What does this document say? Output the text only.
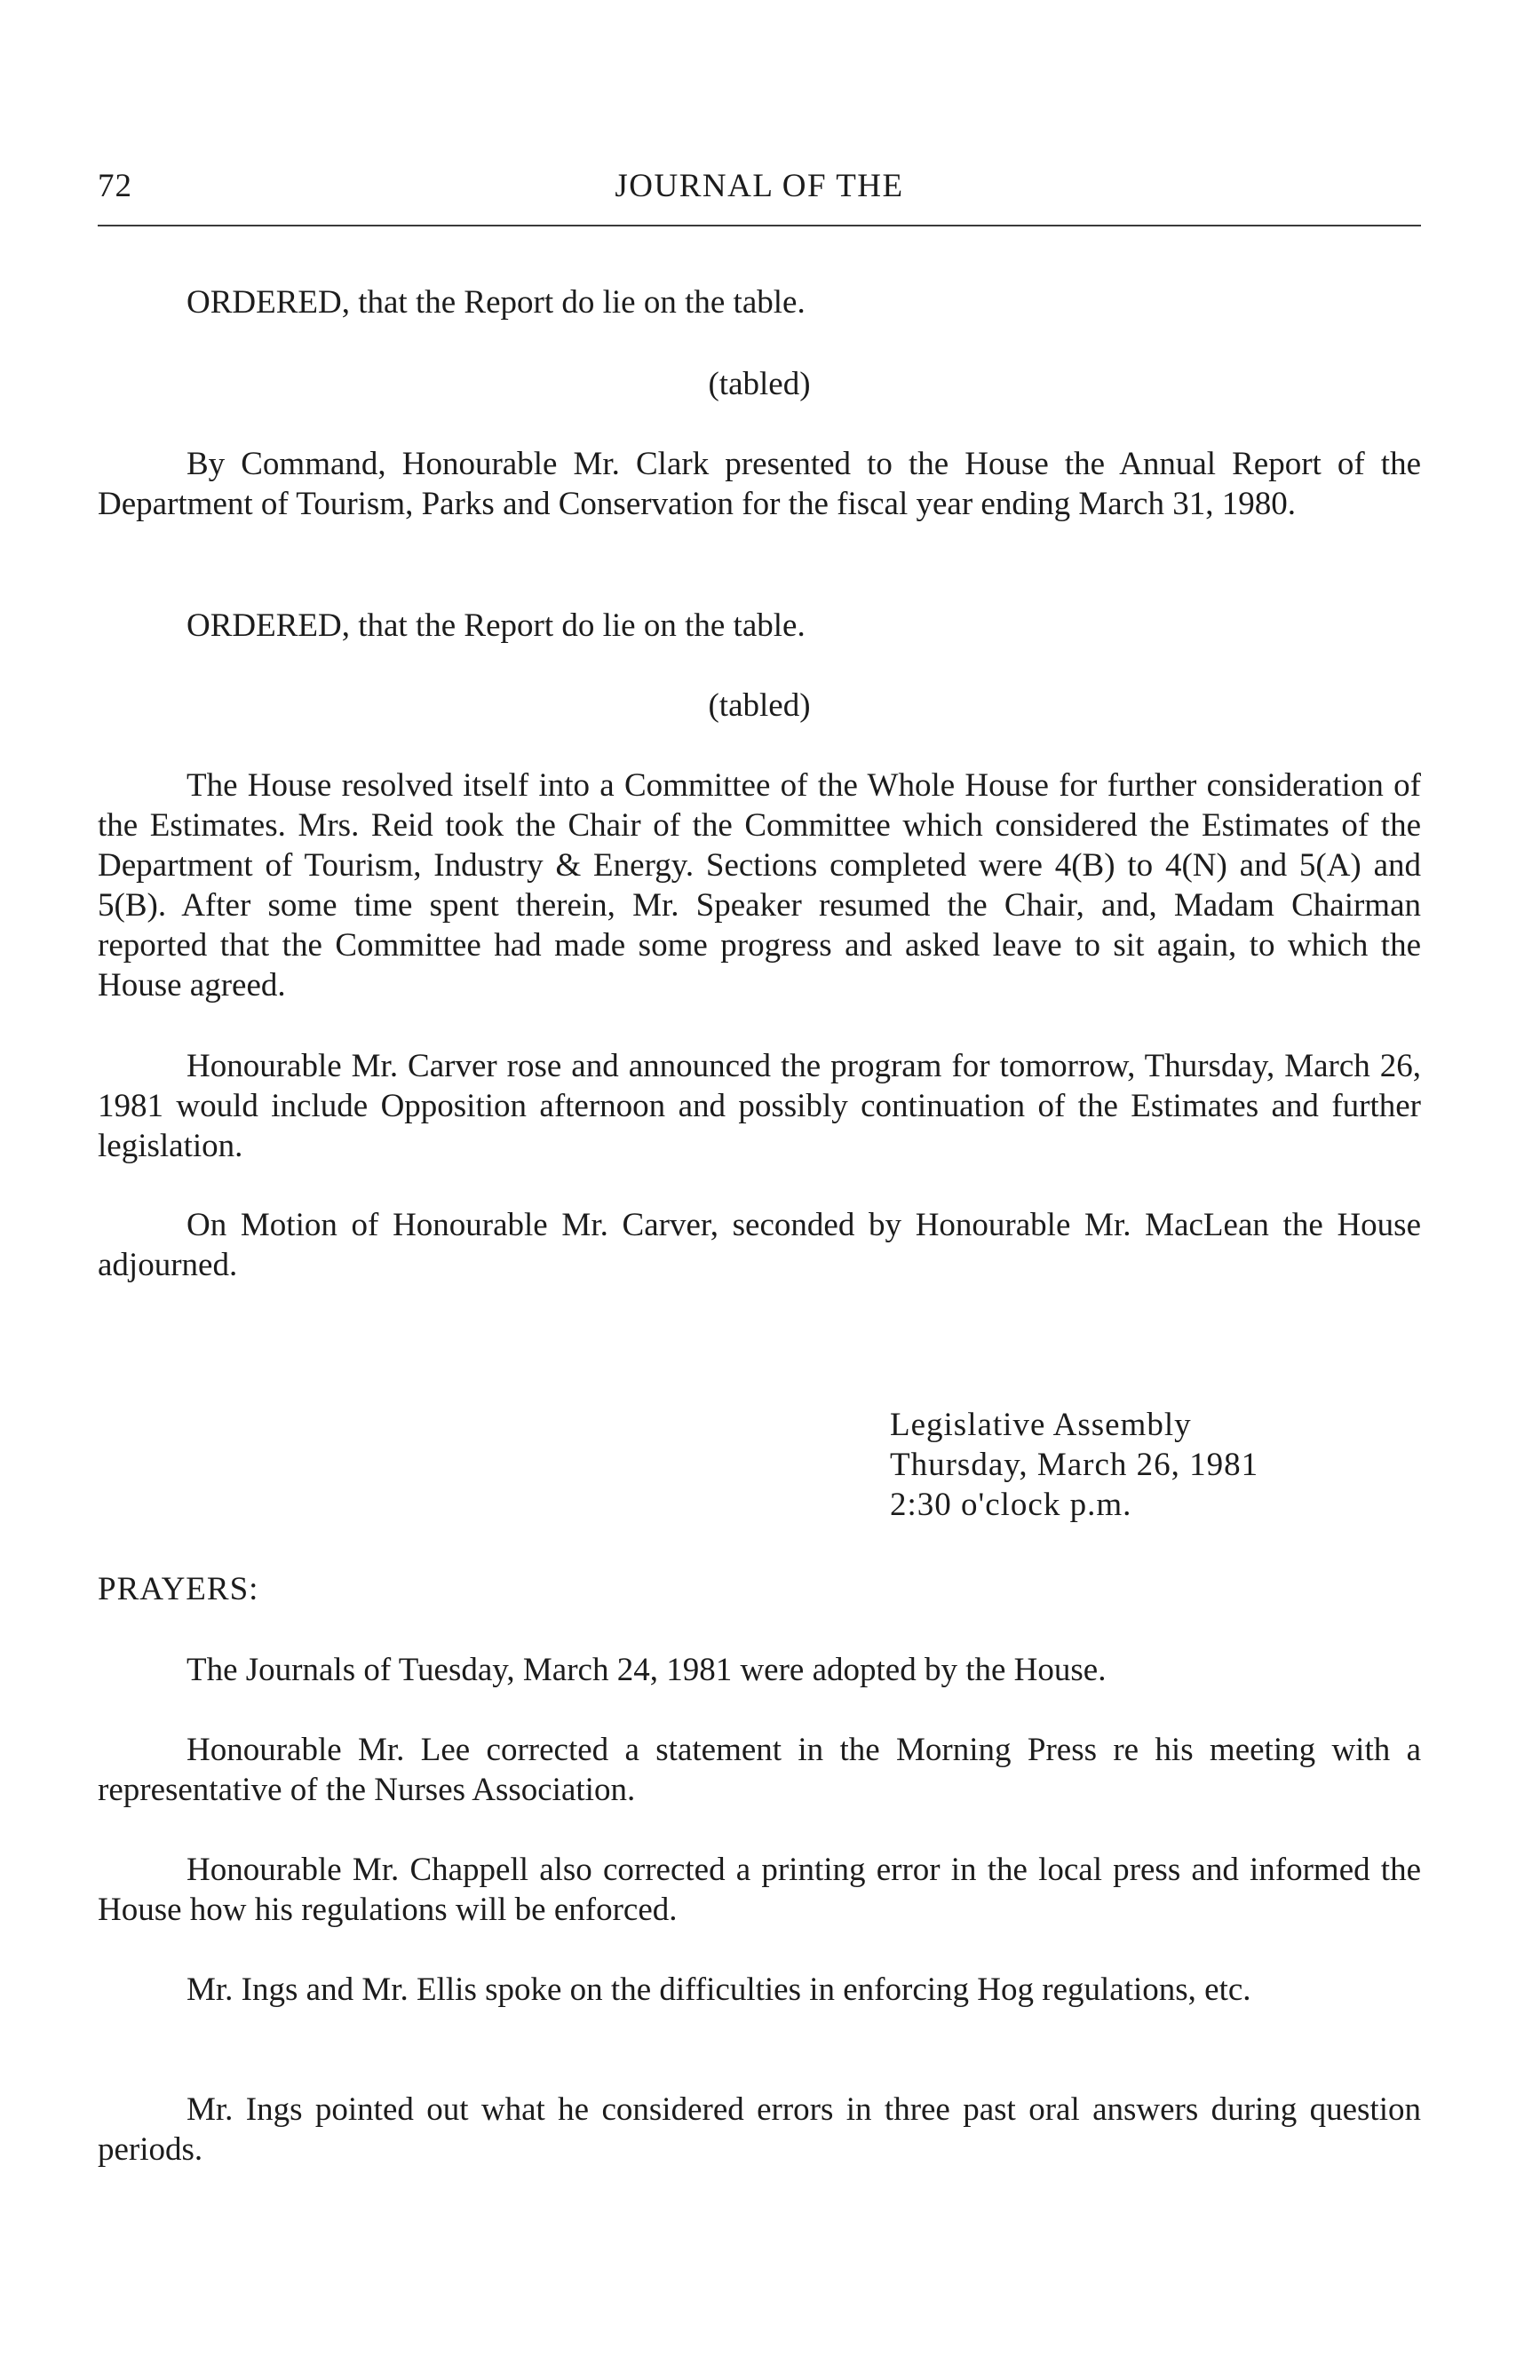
72	JOURNAL OF THE

ORDERED, that the Report do lie on the table.

(tabled)

By Command, Honourable Mr. Clark presented to the House the Annual Report of the Department of Tourism, Parks and Conservation for the fiscal year ending March 31, 1980.

ORDERED, that the Report do lie on the table.

(tabled)

The House resolved itself into a Committee of the Whole House for further consideration of the Estimates. Mrs. Reid took the Chair of the Committee which considered the Estimates of the Department of Tourism, Industry & Energy. Sections completed were 4(B) to 4(N) and 5(A) and 5(B). After some time spent therein, Mr. Speaker resumed the Chair, and, Madam Chairman reported that the Committee had made some progress and asked leave to sit again, to which the House agreed.

Honourable Mr. Carver rose and announced the program for tomorrow, Thursday, March 26, 1981 would include Opposition afternoon and possibly continuation of the Estimates and further legislation.

On Motion of Honourable Mr. Carver, seconded by Honourable Mr. MacLean the House adjourned.

Legislative Assembly
Thursday, March 26, 1981
2:30 o'clock p.m.
PRAYERS:

The Journals of Tuesday, March 24, 1981 were adopted by the House.

Honourable Mr. Lee corrected a statement in the Morning Press re his meeting with a representative of the Nurses Association.

Honourable Mr. Chappell also corrected a printing error in the local press and informed the House how his regulations will be enforced.

Mr. Ings and Mr. Ellis spoke on the difficulties in enforcing Hog regulations, etc.

Mr. Ings pointed out what he considered errors in three past oral answers during question periods.
